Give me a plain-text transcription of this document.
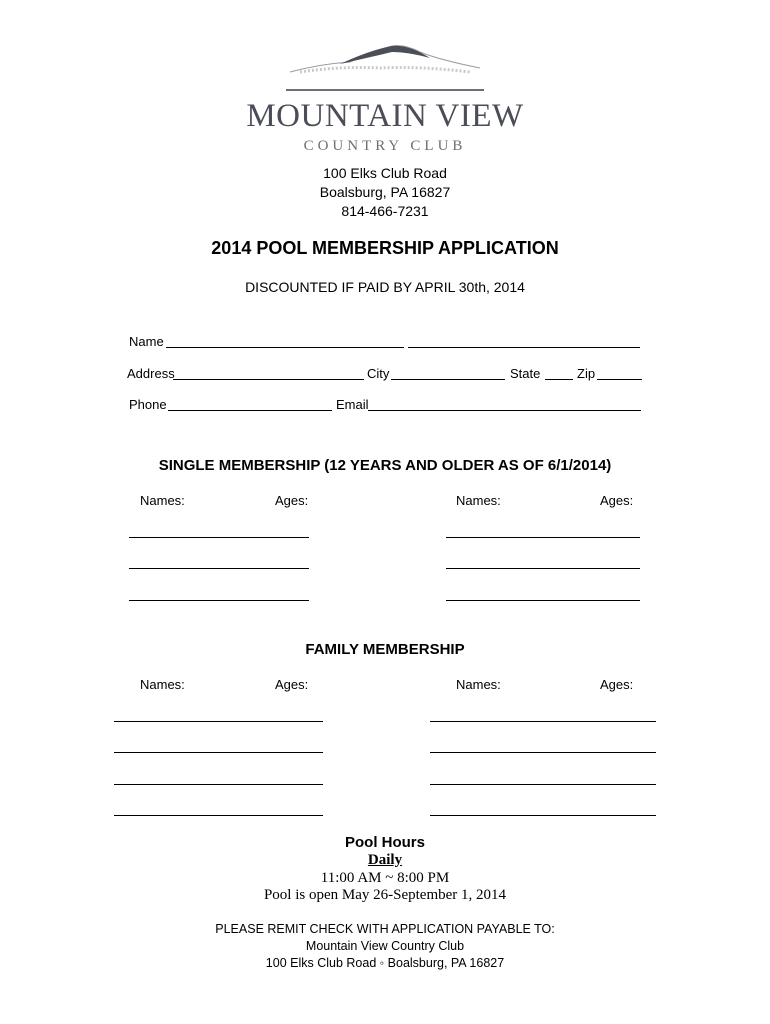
MOUNTAIN VIEW
COUNTRY CLUB
100 Elks Club Road
Boalsburg, PA 16827
814-466-7231
2014 POOL MEMBERSHIP APPLICATION
DISCOUNTED IF PAID BY APRIL 30th, 2014
Name
Address	City	State	Zip
Phone	Email
SINGLE MEMBERSHIP (12 YEARS AND OLDER AS OF 6/1/2014)
Names:	Ages:	Names:	Ages:
FAMILY MEMBERSHIP
Names:	Ages:	Names:	Ages:
Pool Hours
Daily
11:00 AM ~ 8:00 PM
Pool is open May 26-September 1, 2014
PLEASE REMIT CHECK WITH APPLICATION PAYABLE TO:
Mountain View Country Club
100 Elks Club Road ◦ Boalsburg, PA 16827
